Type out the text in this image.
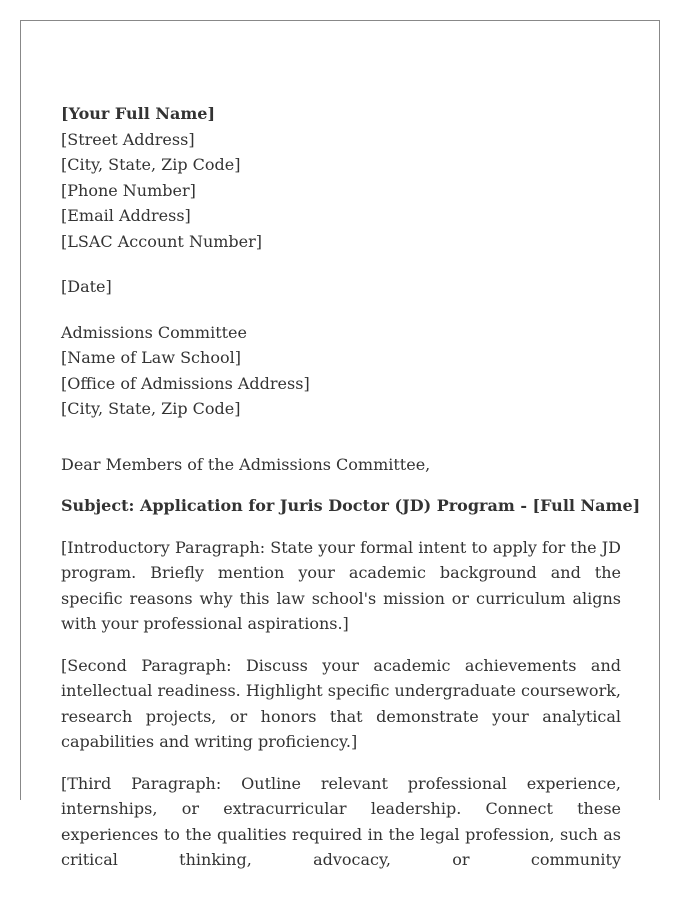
[Your Full Name]
[Street Address]
[City, State, Zip Code]
[Phone Number]
[Email Address]
[LSAC Account Number]
[Date]
Admissions Committee
[Name of Law School]
[Office of Admissions Address]
[City, State, Zip Code]
Dear Members of the Admissions Committee,
Subject: Application for Juris Doctor (JD) Program - [Full Name]

[Introductory Paragraph: State your formal intent to apply for the JD program. Briefly mention your academic background and the specific reasons why this law school's mission or curriculum aligns with your professional aspirations.]

[Second Paragraph: Discuss your academic achievements and intellectual readiness. Highlight specific undergraduate coursework, research projects, or honors that demonstrate your analytical capabilities and writing proficiency.]

[Third Paragraph: Outline relevant professional experience, internships, or extracurricular leadership. Connect these experiences to the qualities required in the legal profession, such as critical thinking, advocacy, or community
